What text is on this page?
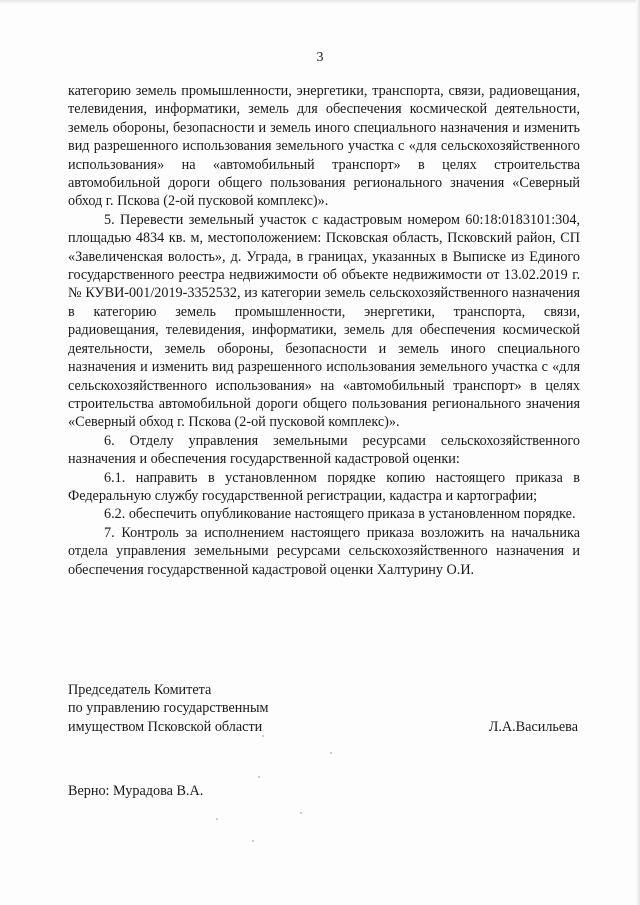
3

категорию земель промышленности, энергетики, транспорта, связи, радиовещания, телевидения, информатики, земель для обеспечения космической деятельности, земель обороны, безопасности и земель иного специального назначения и изменить вид разрешенного использования земельного участка с «для сельскохозяйственного использования» на «автомобильный транспорт» в целях строительства автомобильной дороги общего пользования регионального значения «Северный обход г. Пскова (2-ой пусковой комплекс)».

5. Перевести земельный участок с кадастровым номером 60:18:0183101:304, площадью 4834 кв. м, местоположением: Псковская область, Псковский район, СП «Завеличенская волость», д. Уграда, в границах, указанных в Выписке из Единого государственного реестра недвижимости об объекте недвижимости от 13.02.2019 г. № КУВИ-001/2019-3352532, из категории земель сельскохозяйственного назначения в категорию земель промышленности, энергетики, транспорта, связи, радиовещания, телевидения, информатики, земель для обеспечения космической деятельности, земель обороны, безопасности и земель иного специального назначения и изменить вид разрешенного использования земельного участка с «для сельскохозяйственного использования» на «автомобильный транспорт» в целях строительства автомобильной дороги общего пользования регионального значения «Северный обход г. Пскова (2-ой пусковой комплекс)».

6. Отделу управления земельными ресурсами сельскохозяйственного назначения и обеспечения государственной кадастровой оценки:

6.1. направить в установленном порядке копию настоящего приказа в Федеральную службу государственной регистрации, кадастра и картографии;

6.2. обеспечить опубликование настоящего приказа в установленном порядке.

7. Контроль за исполнением настоящего приказа возложить на начальника отдела управления земельными ресурсами сельскохозяйственного назначения и обеспечения государственной кадастровой оценки Халтурину О.И.

Председатель Комитета
по управлению государственным
имуществом Псковской области	Л.А.Васильева
Верно: Мурадова В.А.
